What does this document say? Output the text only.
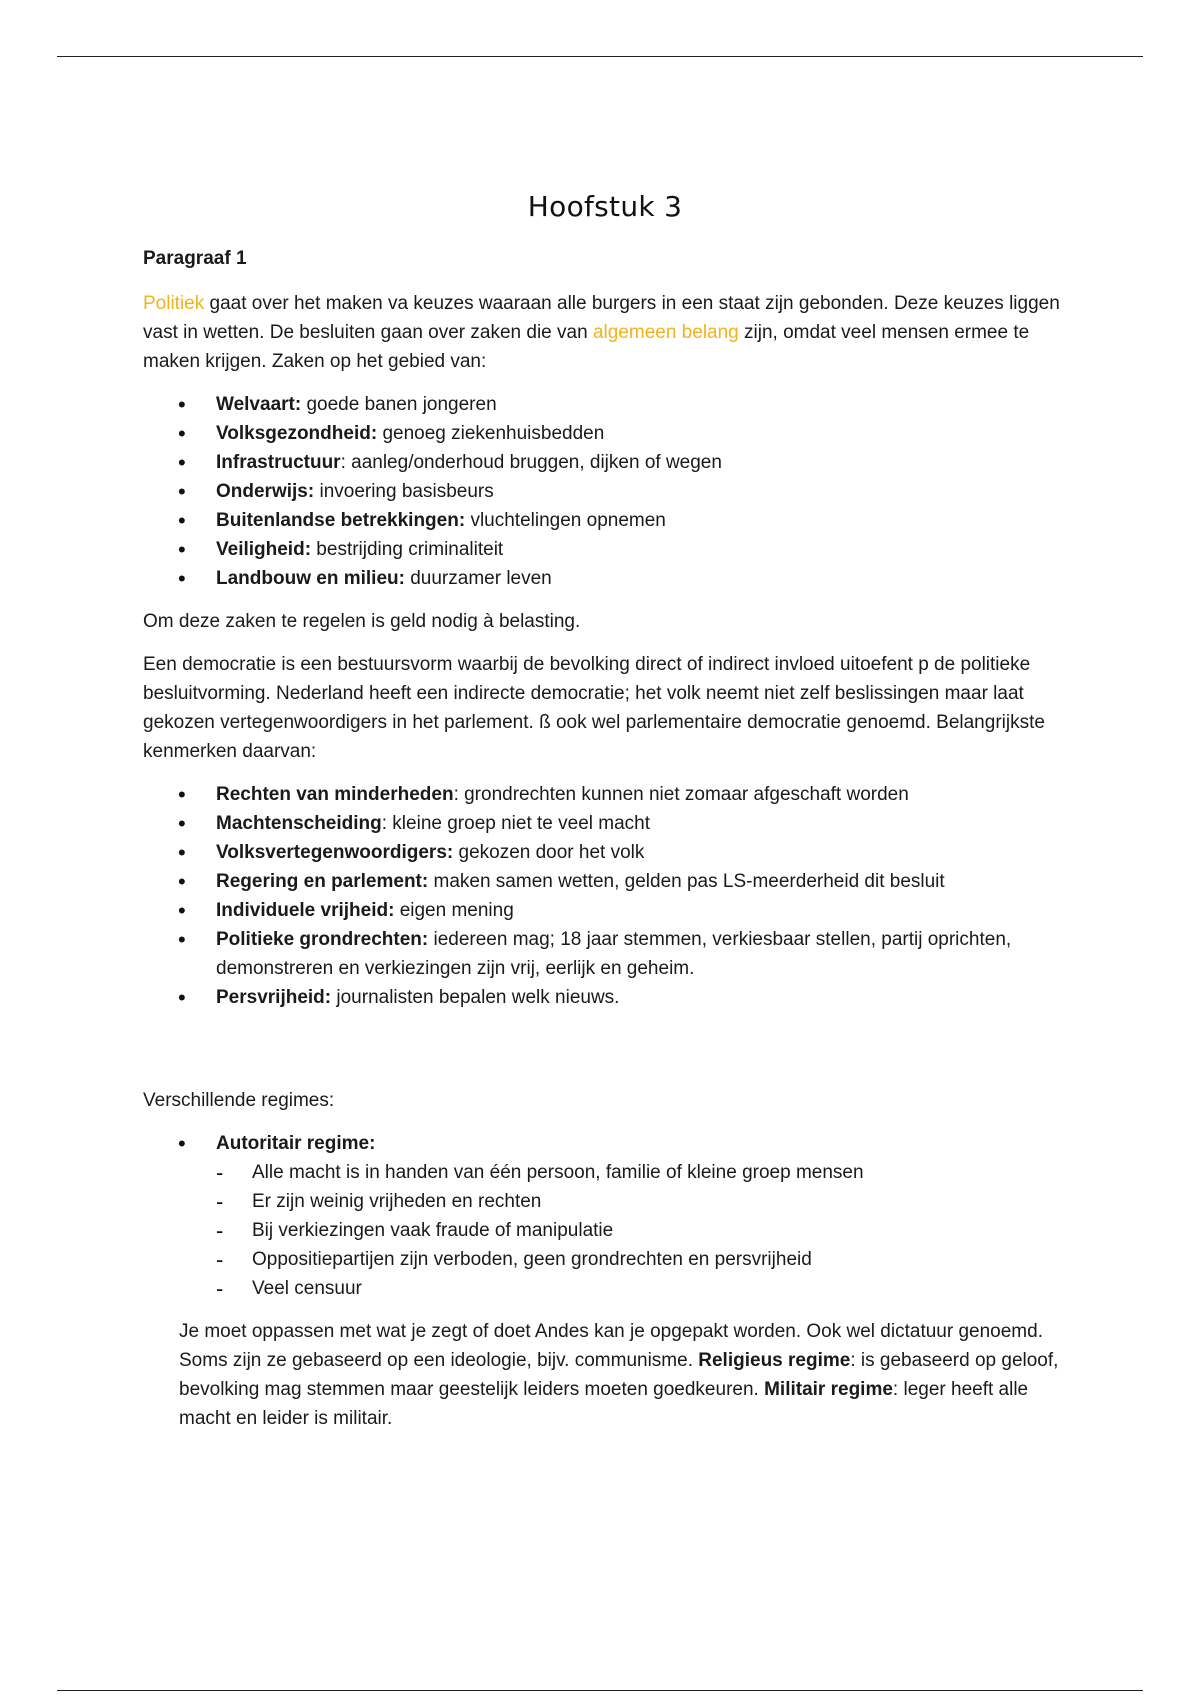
Hoofstuk 3

Paragraaf 1

Politiek gaat over het maken va keuzes waaraan alle burgers in een staat zijn gebonden. Deze keuzes liggen vast in wetten. De besluiten gaan over zaken die van algemeen belang zijn, omdat veel mensen ermee te maken krijgen. Zaken op het gebied van:

• Welvaart: goede banen jongeren
• Volksgezondheid: genoeg ziekenhuisbedden
• Infrastructuur: aanleg/onderhoud bruggen, dijken of wegen
• Onderwijs: invoering basisbeurs
• Buitenlandse betrekkingen: vluchtelingen opnemen
• Veiligheid: bestrijding criminaliteit
• Landbouw en milieu: duurzamer leven

Om deze zaken te regelen is geld nodig à belasting.

Een democratie is een bestuursvorm waarbij de bevolking direct of indirect invloed uitoefent p de politieke besluitvorming. Nederland heeft een indirecte democratie; het volk neemt niet zelf beslissingen maar laat gekozen vertegenwoordigers in het parlement. ß ook wel parlementaire democratie genoemd. Belangrijkste kenmerken daarvan:

• Rechten van minderheden: grondrechten kunnen niet zomaar afgeschaft worden
• Machtenscheiding: kleine groep niet te veel macht
• Volksvertegenwoordigers: gekozen door het volk
• Regering en parlement: maken samen wetten, gelden pas LS-meerderheid dit besluit
• Individuele vrijheid: eigen mening
• Politieke grondrechten: iedereen mag; 18 jaar stemmen, verkiesbaar stellen, partij oprichten, demonstreren en verkiezingen zijn vrij, eerlijk en geheim.
• Persvrijheid: journalisten bepalen welk nieuws.

Verschillende regimes:

• Autoritair regime:
- Alle macht is in handen van één persoon, familie of kleine groep mensen
- Er zijn weinig vrijheden en rechten
- Bij verkiezingen vaak fraude of manipulatie
- Oppositiepartijen zijn verboden, geen grondrechten en persvrijheid
- Veel censuur

Je moet oppassen met wat je zegt of doet Andes kan je opgepakt worden. Ook wel dictatuur genoemd. Soms zijn ze gebaseerd op een ideologie, bijv. communisme. Religieus regime: is gebaseerd op geloof, bevolking mag stemmen maar geestelijk leiders moeten goedkeuren. Militair regime: leger heeft alle macht en leider is militair.
